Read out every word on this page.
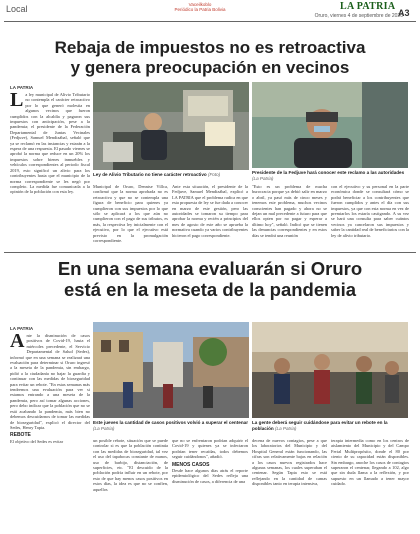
Local	Vaceilkoblo
Periódico la Patria Bolivia	LA PATRIA
Oruro, viernes 4 de septiembre de 2020
A3
Rebaja de impuestos no es retroactiva
y genera preocupación en vecinos
LA PATRIA
La ley municipal de Alivio Tributario no contempla el carácter retroactivo por lo que generó molestia en algunos vecinos que fueron cumplidos con la alcaldía y pagaron sus impuestos con anticipación, pese a la pandemia; el presidente de la Federación Departamental de Juntas Vecinales (Fedjuve), Samuel Mendizábal, señaló que ya se reclamó en las instancias y estarán a la espera de una respuesta. El pasado viernes se aprobó la norma que reduce en un 20% los impuestos sobre bienes inmuebles y vehículos correspondientes al periodo fiscal 2019, esto significó un alivio para los contribuyentes hasta que el municipio de la norma correspondiente se les negó por completo. La medida fue comunicada a la opinión de la población con esta ley.
Ley de Alivio Tributario no tiene carácter retroactivo (Foto)	Presidente de la Fedjuve hará conocer este reclamo a las autoridades (La Patria)
Municipal de Oruro, Dennise Villca, confirmó que la norma aprobada no es retroactiva y que no se contempla una figura de beneficio para quienes ya cumplieron con sus impuestos por lo que sólo se aplicará a los que aún no cumplieron con el pago de sus tributos, es más, la respectiva ley inicialmente con el ejecutivo, por lo que el ejecutivo está previsto en la promulgación correspondiente.
Ante esta situación, el presidente de la Fedjuve, Samuel Mendizábal, explicó a LA PATRIA que el problema radica en que esta propuesta de ley se fue dada a conocer en marzo de este gestión, pero las autoridades se tomaron su tiempo para aprobar la norma y recién a principios del mes de agosto de este año se aprueba la normativa cuando ya varios contribuyentes hicieron el pago correspondiente.
"Esto es un problema de mucha burocracia porque ya debió salir en marzo o abril, ya pasó más de cinco meses y tenemos este problema, muchos vecinos conscientes han pagado y ahora no se dejan un mal precedente a futuro para que ellos opten por no pagar y esperar a último hoy", señaló. Indicó que se tienen las denuncias correspondientes y en estos días se tendrá una reunión
con el ejecutivo y su personal en la parte económica donde se consultará cómo se podrá beneficiar a los contribuyentes que fueron cumplidos y antes el día con sus impuestos, ya que con esta norma en vez de premiarlos los estaría castigando. A su vez se hará una consulta para saber cuántos vecinos ya cancelaron sus impuestos y saber la cantidad real de beneficiarios con la ley de alivio tributario.
En una semana evaluarán si Oruro
está en la meseta de la pandemia
LA PATRIA
Ante la disminución de casos positivos de Covid-19, hasta el miércoles precedente, el Servicio Departamental de Salud (Sedes), informó que en una semana se realizará una evaluación para determinar si Oruro ingresó a la meseta de la pandemia, sin embargo, pidió a la ciudadanía no bajar la guardia y continuar con las medidas de bioseguridad para evitar un rebote. "En estas semanas más tendremos una evaluación para ver si estamos entrando a una meseta de la pandemia, pero así tomar algunas acciones, pero debo indicar que la población que no se está acabando la pandemia, más bien no debemos descuidarnos de tomar las medidas de bioseguridad", explicó el director del Sedes, Henry Tapia.
REBOTE
El objetivo del Sedes es evitar
Este jueves la cantidad de casos positivos volvió a superar el centenar (La Patria)
La gente deberá seguir cuidándose para evitar un rebote en la población (La Patria)
un posible rebote, situación que se puede controlar si es que la población continúa con las medidas de bioseguridad, tal vez el uso del tapabocas constante de manos, uso de barbijo, distanciación, de superficies, etc. "El descuido de la población podría influir en un rebote, por esto de que hay menos casos positivos en estos días, la idea es que no se confíen, aquellos
que no se enfrentaron podrían adquirir el Covid-19 y quienes ya se infectaron podrían tener recaídas, todos debemos seguir cuidándonos", añadió.
MENOS CASOS
Desde hace algunos días atrás el reporte epidemiológico del Sedes refleja una disminución de casos, a diferencia de una
decena de nuevos contagios, pese a que los laboratorios del Municipio y del Hospital General están funcionando, las cifras son relativamente bajas en relación a los casos nuevos registrados hace algunas semanas, los cuales superaban el centenar. Según Tapia esto se está reflejando en la cantidad de camas disponibles tanto en terapia intensiva,
terapia intermedia como en los centros de aislamiento del Municipio y del Campo Ferial Multipropósito, donde el 80 por ciento de su capacidad están disponibles. Sin embargo, anoche los casos de contagios superaron el centenar, llegando a 102, algo que sin duda llama a la reflexión, y por supuesto en un llamado a tener mayor cuidado.
